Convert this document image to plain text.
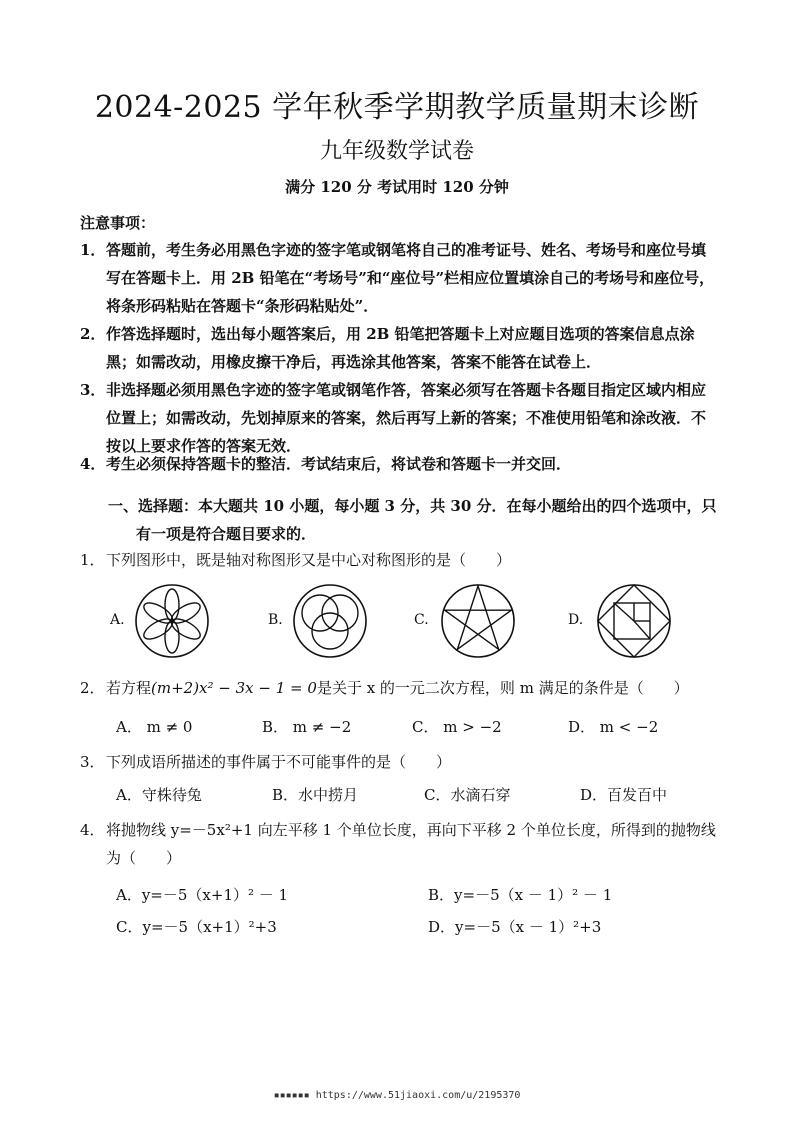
2024-2025 学年秋季学期教学质量期末诊断
九年级数学试卷
满分 120 分 考试用时 120 分钟
注意事项：
1． 答题前，考生务必用黑色字迹的签字笔或钢笔将自己的准考证号、姓名、考场号和座位号填写在答题卡上．用 2B 铅笔在“考场号”和“座位号”栏相应位置填涂自己的考场号和座位号，将条形码粘贴在答题卡“条形码粘贴处”．
2． 作答选择题时，选出每小题答案后，用 2B 铅笔把答题卡上对应题目选项的答案信息点涂黑；如需改动，用橡皮擦干净后，再选涂其他答案，答案不能答在试卷上．
3． 非选择题必须用黑色字迹的签字笔或钢笔作答，答案必须写在答题卡各题目指定区域内相应位置上；如需改动，先划掉原来的答案，然后再写上新的答案；不准使用铅笔和涂改液．不按以上要求作答的答案无效．
4． 考生必须保持答题卡的整洁．考试结束后，将试卷和答题卡一并交回．
一、选择题：本大题共 10 小题，每小题 3 分，共 30 分．在每小题给出的四个选项中，只有一项是符合题目要求的．
1． 下列图形中，既是轴对称图形又是中心对称图形的是（　　）
A.	B.	C.	D.
2． 若方程(m+2)x² − 3x − 1 = 0是关于 x 的一元二次方程，则 m 满足的条件是（　　）
A． m ≠ 0	B． m ≠ −2	C． m > −2	D． m < −2
3． 下列成语所描述的事件属于不可能事件的是（　　）
A．守株待兔	B．水中捞月	C．水滴石穿	D．百发百中
4． 将抛物线 y=－5x²+1 向左平移 1 个单位长度，再向下平移 2 个单位长度，所得到的抛物线为（　　）
A．y=－5（x+1）² － 1	B．y=－5（x － 1）² － 1
C．y=－5（x+1）²+3	D．y=－5（x － 1）²+3
▪▪▪▪▪▪ https://www.51jiaoxi.com/u/2195370
